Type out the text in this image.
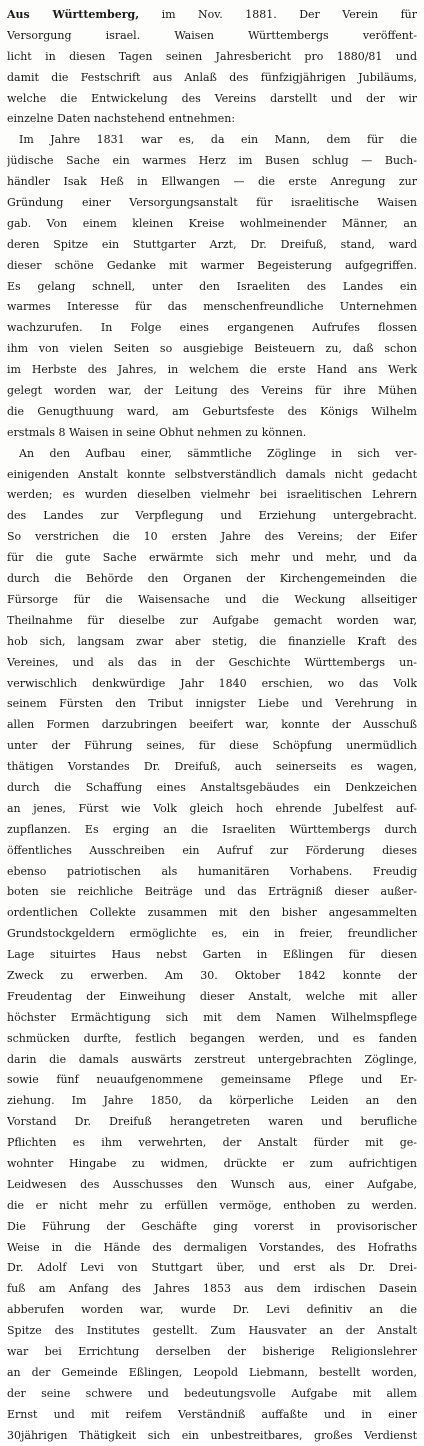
Aus Württemberg, im Nov. 1881. Der Verein für
Versorgung israel. Waisen Württembergs veröffent-
licht in diesen Tagen seinen Jahresbericht pro 1880/81 und
damit die Festschrift aus Anlaß des fünfzigjährigen Jubiläums,
welche die Entwickelung des Vereins darstellt und der wir
einzelne Daten nachstehend entnehmen:
Im Jahre 1831 war es, da ein Mann, dem für die
jüdische Sache ein warmes Herz im Busen schlug — Buch-
händler Isak Heß in Ellwangen — die erste Anregung zur
Gründung einer Versorgungsanstalt für israelitische Waisen
gab. Von einem kleinen Kreise wohlmeinender Männer, an
deren Spitze ein Stuttgarter Arzt, Dr. Dreifuß, stand, ward
dieser schöne Gedanke mit warmer Begeisterung aufgegriffen.
Es gelang schnell, unter den Israeliten des Landes ein
warmes Interesse für das menschenfreundliche Unternehmen
wachzurufen. In Folge eines ergangenen Aufrufes flossen
ihm von vielen Seiten so ausgiebige Beisteuern zu, daß schon
im Herbste des Jahres, in welchem die erste Hand ans Werk
gelegt worden war, der Leitung des Vereins für ihre Mühen
die Genugthuung ward, am Geburtsfeste des Königs Wilhelm
erstmals 8 Waisen in seine Obhut nehmen zu können.
An den Aufbau einer, sämmtliche Zöglinge in sich ver-
einigenden Anstalt konnte selbstverständlich damals nicht gedacht
werden; es wurden dieselben vielmehr bei israelitischen Lehrern
des Landes zur Verpflegung und Erziehung untergebracht.
So verstrichen die 10 ersten Jahre des Vereins; der Eifer
für die gute Sache erwärmte sich mehr und mehr, und da
durch die Behörde den Organen der Kirchengemeinden die
Fürsorge für die Waisensache und die Weckung allseitiger
Theilnahme für dieselbe zur Aufgabe gemacht worden war,
hob sich, langsam zwar aber stetig, die finanzielle Kraft des
Vereines, und als das in der Geschichte Württembergs un-
verwischlich denkwürdige Jahr 1840 erschien, wo das Volk
seinem Fürsten den Tribut innigster Liebe und Verehrung in
allen Formen darzubringen beeifert war, konnte der Ausschuß
unter der Führung seines, für diese Schöpfung unermüdlich
thätigen Vorstandes Dr. Dreifuß, auch seinerseits es wagen,
durch die Schaffung eines Anstaltsgebäudes ein Denkzeichen
an jenes, Fürst wie Volk gleich hoch ehrende Jubelfest auf-
zupflanzen. Es erging an die Israeliten Württembergs durch
öffentliches Ausschreiben ein Aufruf zur Förderung dieses
ebenso patriotischen als humanitären Vorhabens. Freudig
boten sie reichliche Beiträge und das Erträgniß dieser außer-
ordentlichen Collekte zusammen mit den bisher angesammelten
Grundstockgeldern ermöglichte es, ein in freier, freundlicher
Lage situirtes Haus nebst Garten in Eßlingen für diesen
Zweck zu erwerben. Am 30. Oktober 1842 konnte der
Freudentag der Einweihung dieser Anstalt, welche mit aller
höchster Ermächtigung sich mit dem Namen Wilhelmspflege
schmücken durfte, festlich begangen werden, und es fanden
darin die damals auswärts zerstreut untergebrachten Zöglinge,
sowie fünf neuaufgenommene gemeinsame Pflege und Er-
ziehung. Im Jahre 1850, da körperliche Leiden an den
Vorstand Dr. Dreifuß herangetreten waren und berufliche
Pflichten es ihm verwehrten, der Anstalt fürder mit ge-
wohnter Hingabe zu widmen, drückte er zum aufrichtigen
Leidwesen des Ausschusses den Wunsch aus, einer Aufgabe,
die er nicht mehr zu erfüllen vermöge, enthoben zu werden.
Die Führung der Geschäfte ging vorerst in provisorischer
Weise in die Hände des dermaligen Vorstandes, des Hofraths
Dr. Adolf Levi von Stuttgart über, und erst als Dr. Drei-
fuß am Anfang des Jahres 1853 aus dem irdischen Dasein
abberufen worden war, wurde Dr. Levi definitiv an die
Spitze des Institutes gestellt. Zum Hausvater an der Anstalt
war bei Errichtung derselben der bisherige Religionslehrer
an der Gemeinde Eßlingen, Leopold Liebmann, bestellt worden,
der seine schwere und bedeutungsvolle Aufgabe mit allem
Ernst und mit reifem Verständniß auffaßte und in einer
30jährigen Thätigkeit sich ein unbestreitbares, großes Verdienst
